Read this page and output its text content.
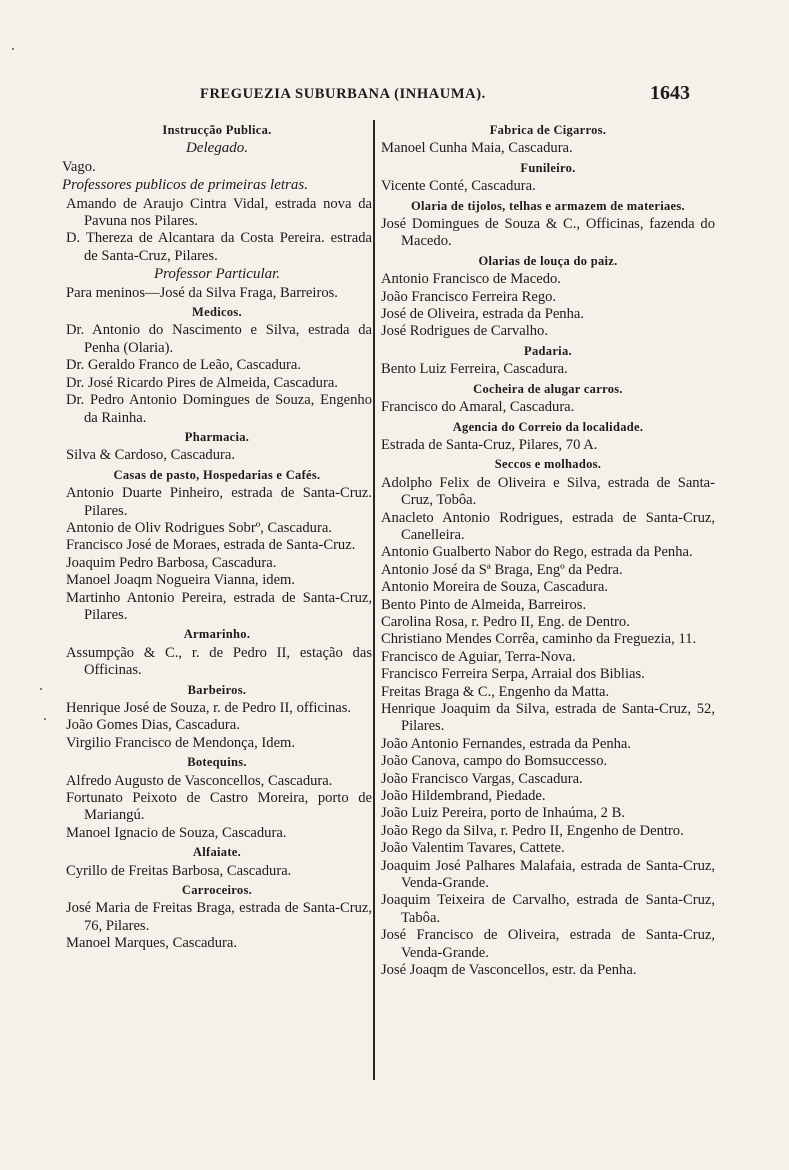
FREGUEZIA SUBURBANA (INHAUMA).	1643
Instrucção Publica.
Delegado.
Vago.
Professores publicos de primeiras letras.
Amando de Araujo Cintra Vidal, estrada nova da Pavuna nos Pilares.
D. Thereza de Alcantara da Costa Pereira. estrada de Santa-Cruz, Pilares.
Professor Particular.
Para meninos—José da Silva Fraga, Barreiros.
Medicos.
Dr. Antonio do Nascimento e Silva, estrada da Penha (Olaria).
Dr. Geraldo Franco de Leão, Cascadura.
Dr. José Ricardo Pires de Almeida, Cascadura.
Dr. Pedro Antonio Domingues de Souza, Engenho da Rainha.
Pharmacia.
Silva & Cardoso, Cascadura.
Casas de pasto, Hospedarias e Cafés.
Antonio Duarte Pinheiro, estrada de Santa-Cruz. Pilares.
Antonio de Oliv Rodrigues Sobrº, Cascadura.
Francisco José de Moraes, estrada de Santa-Cruz.
Joaquim Pedro Barbosa, Cascadura.
Manoel Joaqm Nogueira Vianna, idem.
Martinho Antonio Pereira, estrada de Santa-Cruz, Pilares.
Armarinho.
Assumpção & C., r. de Pedro II, estação das Officinas.
Barbeiros.
Henrique José de Souza, r. de Pedro II, officinas.
João Gomes Dias, Cascadura.
Virgilio Francisco de Mendonça, Idem.
Botequins.
Alfredo Augusto de Vasconcellos, Cascadura.
Fortunato Peixoto de Castro Moreira, porto de Mariangú.
Manoel Ignacio de Souza, Cascadura.
Alfaiate.
Cyrillo de Freitas Barbosa, Cascadura.
Carroceiros.
José Maria de Freitas Braga, estrada de Santa-Cruz, 76, Pilares.
Manoel Marques, Cascadura.
Fabrica de Cigarros.
Manoel Cunha Maia, Cascadura.
Funileiro.
Vicente Conté, Cascadura.
Olaria de tijolos, telhas e armazem de materiaes.
José Domingues de Souza & C., Officinas, fazenda do Macedo.
Olarias de louça do paiz.
Antonio Francisco de Macedo.
João Francisco Ferreira Rego.
José de Oliveira, estrada da Penha.
José Rodrigues de Carvalho.
Padaria.
Bento Luiz Ferreira, Cascadura.
Cocheira de alugar carros.
Francisco do Amaral, Cascadura.
Agencia do Correio da localidade.
Estrada de Santa-Cruz, Pilares, 70 A.
Seccos e molhados.
Adolpho Felix de Oliveira e Silva, estrada de Santa-Cruz, Tobôa.
Anacleto Antonio Rodrigues, estrada de Santa-Cruz, Canelleira.
Antonio Gualberto Nabor do Rego, estrada da Penha.
Antonio José da Sª Braga, Engº da Pedra.
Antonio Moreira de Souza, Cascadura.
Bento Pinto de Almeida, Barreiros.
Carolina Rosa, r. Pedro II, Eng. de Dentro.
Christiano Mendes Corrêa, caminho da Freguezia, 11.
Francisco de Aguiar, Terra-Nova.
Francisco Ferreira Serpa, Arraial dos Biblias.
Freitas Braga & C., Engenho da Matta.
Henrique Joaquim da Silva, estrada de Santa-Cruz, 52, Pilares.
João Antonio Fernandes, estrada da Penha.
João Canova, campo do Bomsuccesso.
João Francisco Vargas, Cascadura.
João Hildembrand, Piedade.
João Luiz Pereira, porto de Inhaúma, 2 B.
João Rego da Silva, r. Pedro II, Engenho de Dentro.
João Valentim Tavares, Cattete.
Joaquim José Palhares Malafaia, estrada de Santa-Cruz, Venda-Grande.
Joaquim Teixeira de Carvalho, estrada de Santa-Cruz, Tabôa.
José Francisco de Oliveira, estrada de Santa-Cruz, Venda-Grande.
José Joaqm de Vasconcellos, estr. da Penha.
